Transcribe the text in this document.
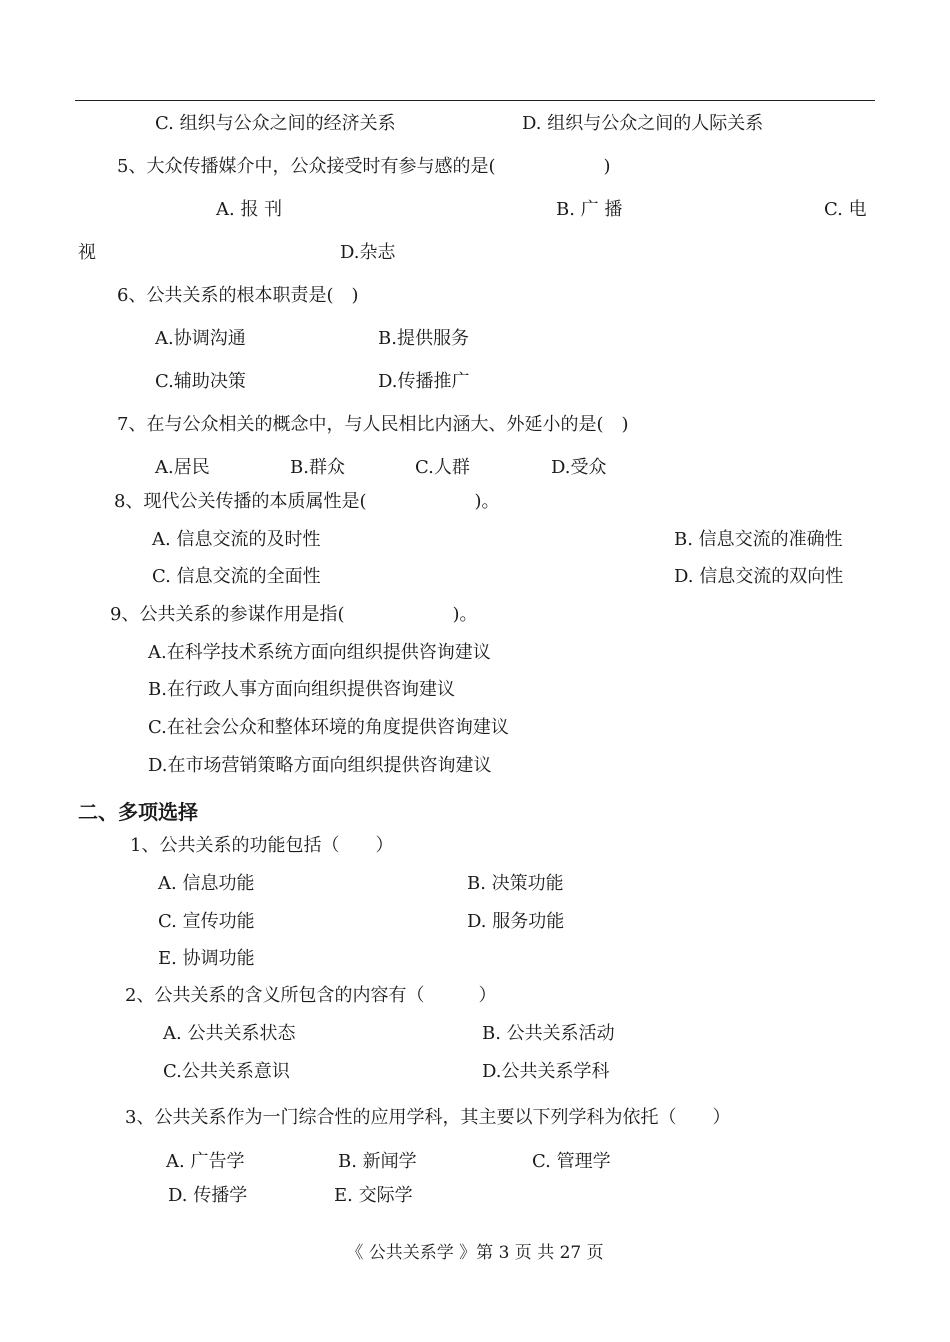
C. 组织与公众之间的经济关系	D. 组织与公众之间的人际关系
5、大众传播媒介中，公众接受时有参与感的是(　　　　　　)
A. 报 刊	B. 广 播	C. 电
视	D.杂志
6、公共关系的根本职责是(　)
A.协调沟通	B.提供服务
C.辅助决策	D.传播推广
7、在与公众相关的概念中，与人民相比内涵大、外延小的是(　)
A.居民	B.群众	C.人群	D.受众
8、现代公关传播的本质属性是(　　　　　　)。
A. 信息交流的及时性	B. 信息交流的准确性
C. 信息交流的全面性	D. 信息交流的双向性
9、公共关系的参谋作用是指(　　　　　　)。
A.在科学技术系统方面向组织提供咨询建议
B.在行政人事方面向组织提供咨询建议
C.在社会公众和整体环境的角度提供咨询建议
D.在市场营销策略方面向组织提供咨询建议
二、多项选择
1、公共关系的功能包括（　　）
A. 信息功能	B. 决策功能
C. 宣传功能	D. 服务功能
E. 协调功能
2、公共关系的含义所包含的内容有（　　　）
A. 公共关系状态	B. 公共关系活动
C.公共关系意识	D.公共关系学科
3、公共关系作为一门综合性的应用学科，其主要以下列学科为依托（　　）
A. 广告学	B. 新闻学	C. 管理学
D. 传播学	E. 交际学
《 公共关系学 》第 3 页 共 27 页
